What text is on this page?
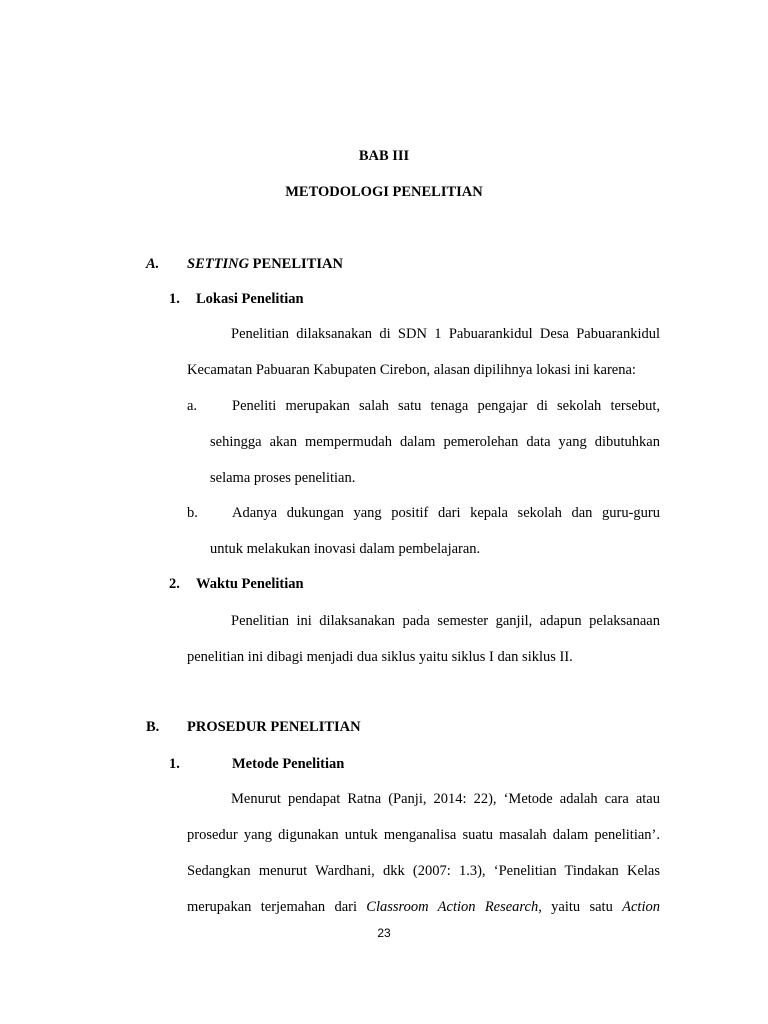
BAB III
METODOLOGI PENELITIAN
A. SETTING PENELITIAN
1. Lokasi Penelitian
Penelitian dilaksanakan di SDN 1 Pabuarankidul Desa Pabuarankidul
Kecamatan Pabuaran Kabupaten Cirebon, alasan dipilihnya lokasi ini karena:
a. Peneliti merupakan salah satu tenaga pengajar di sekolah tersebut,
sehingga akan mempermudah dalam pemerolehan data yang dibutuhkan
selama proses penelitian.
b. Adanya dukungan yang positif dari kepala sekolah dan guru-guru
untuk melakukan inovasi dalam pembelajaran.
2. Waktu Penelitian
Penelitian ini dilaksanakan pada semester ganjil, adapun pelaksanaan
penelitian ini dibagi menjadi dua siklus yaitu siklus I dan siklus II.
B. PROSEDUR PENELITIAN
1.	Metode Penelitian
Menurut pendapat Ratna (Panji, 2014: 22), ‘Metode adalah cara atau
prosedur yang digunakan untuk menganalisa suatu masalah dalam penelitian’.
Sedangkan menurut Wardhani, dkk (2007: 1.3), ‘Penelitian Tindakan Kelas
merupakan terjemahan dari Classroom Action Research, yaitu satu Action
23
